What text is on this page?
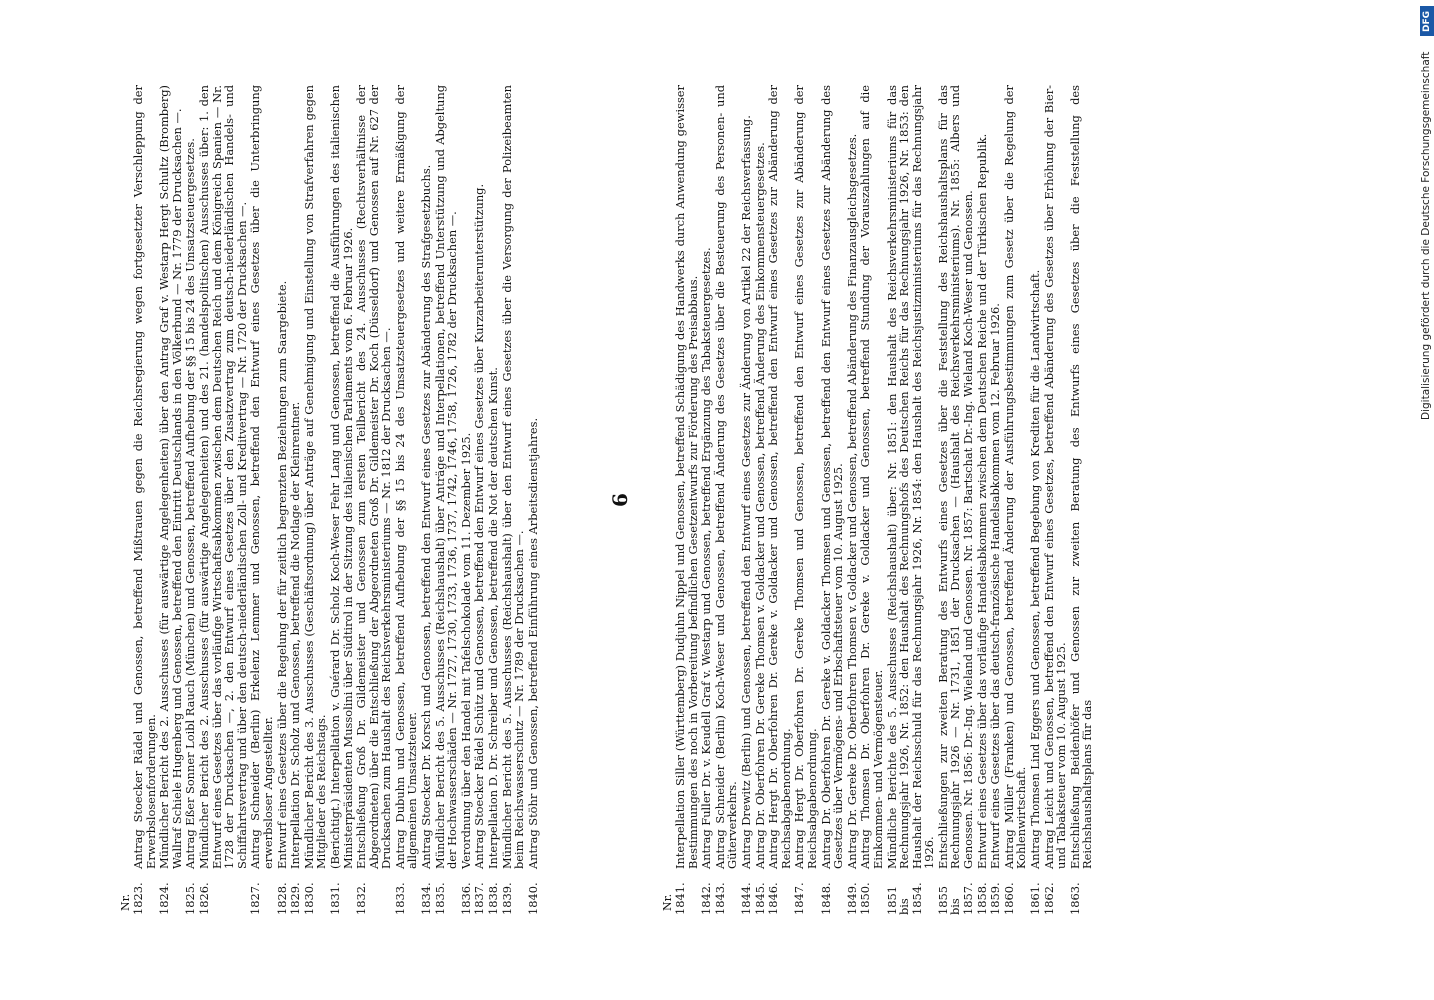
Nr. 1841.
Interpellation Siller (Württemberg) Dudjuhn Nippel und Genossen, betreffend Schädigung des Handwerks durch Anwendung gewisser Bestimmungen des noch in Vorbereitung befindlichen Gesetzentwurfs zur Förderung des Preisabbaus.
1842.
Antrag Fuller Dr. v. Keudell Graf v. Westarp und Genossen, betreffend Ergänzung des Tabaksteuergesetzes.
1843.
Antrag Schneider (Berlin) Koch-Weser und Genossen, betreffend Änderung des Gesetzes über die Besteuerung des Personen- und Güterverkehrs.
1844.
Antrag Drewitz (Berlin) und Genossen, betreffend den Entwurf eines Gesetzes zur Änderung von Artikel 22 der Reichsverfassung.
1845.
Antrag Dr. Oberfohren Dr. Gereke Thomsen v. Goldacker und Genossen, betreffend Änderung des Einkommensteuergesetzes.
1846.
Antrag Hergt Dr. Oberfohren Dr. Gereke v. Goldacker und Genossen, betreffend den Entwurf eines Gesetzes zur Abänderung der Reichsabgabenordnung.
1847.
Antrag Hergt Dr. Oberfohren Dr. Gereke Thomsen und Genossen, betreffend den Entwurf eines Gesetzes zur Abänderung der Reichsabgabenordnung.
1848.
Antrag Dr. Oberfohren Dr. Gereke v. Goldacker Thomsen und Genossen, betreffend den Entwurf eines Gesetzes zur Abänderung des Gesetzes über Vermögens- und Erbschaftsteuer vom 10. August 1925.
1849.
Antrag Dr. Gereke Dr. Oberfohren Thomsen v. Goldacker und Genossen, betreffend Abänderung des Finanzausgleichsgesetzes.
1850.
Antrag Thomsen Dr. Oberfohren Dr. Gereke v. Goldacker und Genossen, betreffend Stundung der Vorauszahlungen auf die Einkommen- und Vermögensteuer.
1851 bis 1854.
Mündliche Berichte des 5. Ausschusses (Reichshaushalt) über: Nr. 1851: den Haushalt des Reichsverkehrsministeriums für das Rechnungsjahr 1926, Nr. 1852: den Haushalt des Rechnungshofs des Deutschen Reichs für das Rechnungsjahr 1926, Nr. 1853: den Haushalt der Reichsschuld für das Rechnungsjahr 1926, Nr. 1854: den Haushalt des Reichsjustizministeriums für das Rechnungsjahr 1926.
1855 bis 1857.
Entschließungen zur zweiten Beratung des Entwurfs eines Gesetzes über die Feststellung des Reichshaushaltsplans für das Rechnungsjahr 1926 — Nr. 1731, 1851 der Drucksachen — (Haushalt des Reichsverkehrsministeriums). Nr. 1855: Albers und Genossen. Nr. 1856: Dr.-Ing. Wieland und Genossen. Nr. 1857: Bartschat Dr.-Ing. Wieland Koch-Weser und Genossen.
1858.
Entwurf eines Gesetzes über das vorläufige Handelsabkommen zwischen dem Deutschen Reiche und der Türkischen Republik.
1859.
Entwurf eines Gesetzes über das deutsch-französische Handelsabkommen vom 12. Februar 1926.
1860.
Antrag Müller (Franken) und Genossen, betreffend Änderung der Ausführungsbestimmungen zum Gesetz über die Regelung der Kohlenwirtschaft.
1861.
Antrag Thomsen Lind Eggers und Genossen, betreffend Begebung von Krediten für die Landwirtschaft.
1862.
Antrag Leicht und Genossen, betreffend den Entwurf eines Gesetzes, betreffend Abänderung des Gesetzes über Erhöhung der Bier- und Tabaksteuer vom 10. August 1925.
1863.
Entschließung Beidenhöfer und Genossen zur zweiten Beratung des Entwurfs eines Gesetzes über die Feststellung des Reichshaushaltsplans für das
6
Nr. 1823.
Antrag Stoecker Rädel und Genossen, betreffend Mißtrauen gegen die Reichsregierung wegen fortgesetzter Verschleppung der Erwerbslosenforderungen.
1824.
Mündlicher Bericht des 2. Ausschusses (für auswärtige Angelegenheiten) über den Antrag Graf v. Westarp Hergt Schultz (Bromberg) Wallraf Schiele Hugenberg und Genossen, betreffend den Eintritt Deutschlands in den Völkerbund — Nr. 1779 der Drucksachen —.
1825.
Antrag Eßer Sonner Loibl Rauch (München) und Genossen, betreffend Aufhebung der §§ 15 bis 24 des Umsatzsteuergesetzes.
1826.
Mündlicher Bericht des 2. Ausschusses (für auswärtige Angelegenheiten) und des 21. (handelspolitischen) Ausschusses über: 1. den Entwurf eines Gesetzes über das vorläufige Wirtschaftsabkommen zwischen dem Deutschen Reich und dem Königreich Spanien — Nr. 1728 der Drucksachen —, 2. den Entwurf eines Gesetzes über den Zusatzvertrag zum deutsch-niederländischen Handels- und Schiffahrtsvertrag und über den deutsch-niederländischen Zoll- und Kreditvertrag — Nr. 1720 der Drucksachen —.
1827.
Antrag Schneider (Berlin) Erkelenz Lemmer und Genossen, betreffend den Entwurf eines Gesetzes über die Unterbringung erwerbsloser Angestellter.
1828.
Entwurf eines Gesetzes über die Regelung der für zeitlich begrenzten Beziehungen zum Saargebiete.
1829.
Interpellation Dr. Scholz und Genossen, betreffend die Notlage der Kleinrentner.
1830.
Mündlicher Bericht des 3. Ausschusses (Geschäftsordnung) über Anträge auf Genehmigung und Einstellung von Strafverfahren gegen Mitglieder des Reichstags.
1831.
(Berichtigt.) Interpellation v. Guérard Dr. Scholz Koch-Weser Fehr Lang und Genossen, betreffend die Ausführungen des italienischen Ministerpräsidenten Mussolini über Südtirol in der Sitzung des italienischen Parlaments vom 6. Februar 1926.
1832.
Entschließung Groß Dr. Gildemeister und Genossen zum ersten Teilbericht des 24. Ausschusses (Rechtsverhältnisse der Abgeordneten) über die Entschließung der Abgeordneten Groß Dr. Gildemeister Dr. Koch (Düsseldorf) und Genossen auf Nr. 627 der Drucksachen zum Haushalt des Reichsverkehrsministeriums — Nr. 1812 der Drucksachen —.
1833.
Antrag Dubuhn und Genossen, betreffend Aufhebung der §§ 15 bis 24 des Umsatzsteuergesetzes und weitere Ermäßigung der allgemeinen Umsatzsteuer.
1834.
Antrag Stoecker Dr. Korsch und Genossen, betreffend den Entwurf eines Gesetzes zur Abänderung des Strafgesetzbuchs.
1835.
Mündlicher Bericht des 5. Ausschusses (Reichshaushalt) über Anträge und Interpellationen, betreffend Unterstützung und Abgeltung der Hochwasserschäden — Nr. 1727, 1730, 1733, 1736, 1737, 1742, 1746, 1758, 1726, 1782 der Drucksachen —.
1836.
Verordnung über den Handel mit Tafelschokolade vom 11. Dezember 1925.
1837.
Antrag Stoecker Rädel Schütz und Genossen, betreffend den Entwurf eines Gesetzes über Kurzarbeiterunterstützung.
1838.
Interpellation D. Dr. Schreiber und Genossen, betreffend die Not der deutschen Kunst.
1839.
Mündlicher Bericht des 5. Ausschusses (Reichshaushalt) über den Entwurf eines Gesetzes über die Versorgung der Polizeibeamten beim Reichswasserschutz — Nr. 1789 der Drucksachen —.
1840.
Antrag Stöhr und Genossen, betreffend Einführung eines Arbeitsdienstjahres.
DFG
Digitalisierung gefördert durch die Deutsche Forschungsgemeinschaft
